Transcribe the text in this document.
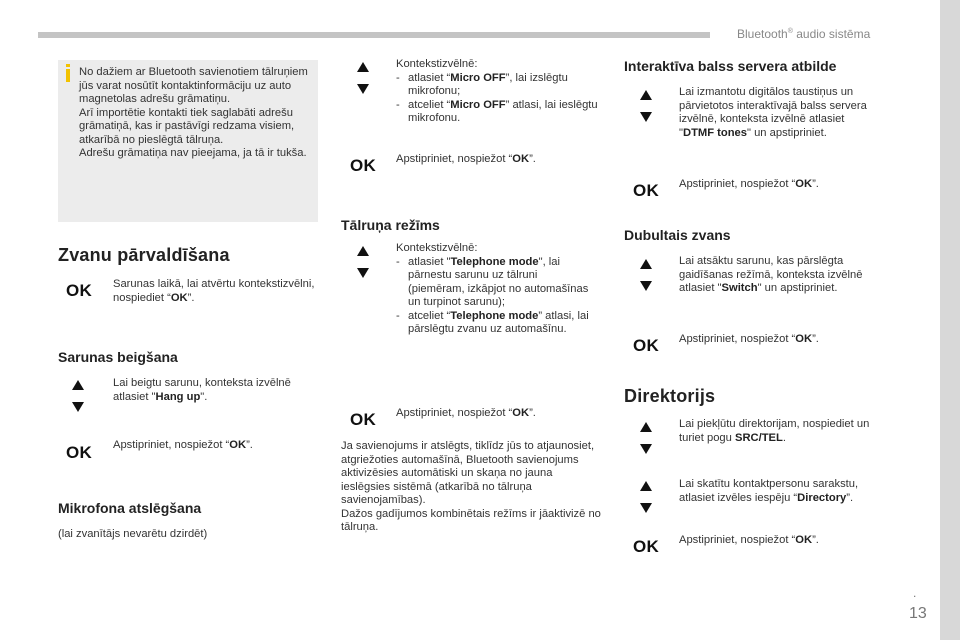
Bluetooth® audio sistēma
No dažiem ar Bluetooth savienotiem tālruņiem jūs varat nosūtīt kontaktinformāciju uz auto magnetolas adrešu grāmatiņu.
Arī importētie kontakti tiek saglabāti adrešu grāmatiņā, kas ir pastāvīgi redzama visiem, atkarībā no pieslēgtā tālruņa.
Adrešu grāmatiņa nav pieejama, ja tā ir tukša.
Zvanu pārvaldīšana
OK Sarunas laikā, lai atvērtu kontekstizvēlni, nospiediet “OK”.
Sarunas beigšana
Lai beigtu sarunu, konteksta izvēlnē atlasiet "Hang up".
OK Apstipriniet, nospiežot “OK”.
Mikrofona atslēgšana
(lai zvanītājs nevarētu dzirdēt)
Kontekstizvēlnē:
- atlasiet “Micro OFF”, lai izslēgtu mikrofonu;
- atceliet “Micro OFF” atlasi, lai ieslēgtu mikrofonu.
OK Apstipriniet, nospiežot “OK”.
Tālruņa režīms
Kontekstizvēlnē:
- atlasiet "Telephone mode", lai pārnestu sarunu uz tālruni (piemēram, izkāpjot no automašīnas un turpinot sarunu);
- atceliet “Telephone mode” atlasi, lai pārslēgtu zvanu uz automašīnu.
OK Apstipriniet, nospiežot “OK”.
Ja savienojums ir atslēgts, tiklīdz jūs to atjaunosiet, atgriežoties automašīnā, Bluetooth savienojums aktivizēsies automātiski un skaņa no jauna ieslēgsies sistēmā (atkarībā no tālruņa savienojamības).
Dažos gadījumos kombinētais režīms ir jāaktivizē no tālruņa.
Interaktīva balss servera atbilde
Lai izmantotu digitālos taustiņus un pārvietotos interaktīvajā balss servera izvēlnē, konteksta izvēlnē atlasiet "DTMF tones" un apstipriniet.
OK Apstipriniet, nospiežot “OK”.
Dubultais zvans
Lai atsāktu sarunu, kas pārslēgta gaidīšanas režīmā, konteksta izvēlnē atlasiet "Switch" un apstipriniet.
OK Apstipriniet, nospiežot “OK”.
Direktorijs
Lai piekļūtu direktorijam, nospiediet un turiet pogu SRC/TEL.
Lai skatītu kontaktpersonu sarakstu, atlasiet izvēles iespēju “Directory”.
OK Apstipriniet, nospiežot “OK”.
.
13
